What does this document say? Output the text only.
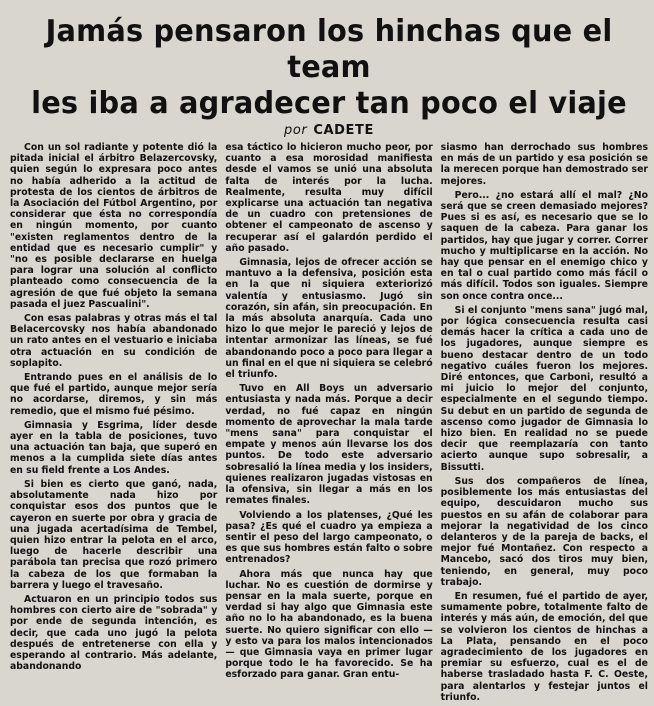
Jamás pensaron los hinchas que el team
les iba a agradecer tan poco el viaje
por CADETE

Con un sol radiante y potente dió la pitada inicial el árbitro Belazercovsky, quien según lo expresara poco antes no había adherido a la actitud de protesta de los cientos de árbitros de la Asociación del Fútbol Argentino, por considerar que ésta no correspondía en ningún momento, por cuanto "existen reglamentos dentro de la entidad que es necesario cumplir" y "no es posible declararse en huelga para lograr una solución al conflicto planteado como consecuencia de la agresión de que fué objeto la semana pasada el juez Pascualini".

Con esas palabras y otras más el tal Belacercovsky nos había abandonado un rato antes en el vestuario e iniciaba otra actuación en su condición de soplapito.

Entrando pues en el análisis de lo que fué el partido, aunque mejor sería no acordarse, diremos, y sin más remedio, que el mismo fué pésimo.

Gimnasia y Esgrima, líder desde ayer en la tabla de posiciones, tuvo una actuación tan baja, que superó en menos a la cumplida siete días antes en su field frente a Los Andes.

Si bien es cierto que ganó, nada, absolutamente nada hizo por conquistar esos dos puntos que le cayeron en suerte por obra y gracia de una jugada acertadísima de Tembel, quien hizo entrar la pelota en el arco, luego de hacerle describir una parábola tan precisa que rozó primero la cabeza de los que formaban la barrera y luego el travesaño.

Actuaron en un principio todos sus hombres con cierto aire de "sobrada" y por ende de segunda intención, es decir, que cada uno jugó la pelota después de entretenerse con ella y esperando al contrario. Más adelante, abandonando

esa táctico lo hicieron mucho peor, por cuanto a esa morosidad manifiesta desde el vamos se unió una absoluta falta de interés por la lucha. Realmente, resulta muy difícil explicarse una actuación tan negativa de un cuadro con pretensiones de obtener el campeonato de ascenso y recuperar así el galardón perdido el año pasado.

Gimnasia, lejos de ofrecer acción se mantuvo a la defensiva, posición esta en la que ni siquiera exteriorizó valentía y entusiasmo. Jugó sin corazón, sin afán, sin preocupación. En la más absoluta anarquía. Cada uno hizo lo que mejor le pareció y lejos de intentar armonizar las líneas, se fué abandonando poco a poco para llegar a un final en el que ni siquiera se celebró el triunfo.

Tuvo en All Boys un adversario entusiasta y nada más. Porque a decir verdad, no fué capaz en ningún momento de aprovechar la mala tarde "mens sana" para conquistar el empate y menos aún llevarse los dos puntos. De todo este adversario sobresalió la línea media y los insiders, quienes realizaron jugadas vistosas en la ofensiva, sin llegar a más en los remates finales.

Volviendo a los platenses, ¿Qué les pasa? ¿Es qué el cuadro ya empieza a sentir el peso del largo campeonato, o es que sus hombres están falto o sobre entrenados?

Ahora más que nunca hay que luchar. No es cuestión de dormirse y pensar en la mala suerte, porque en verdad si hay algo que Gimnasia este año no lo ha abandonado, es la buena suerte. No quiero significar con ello — y esto va para los malos intencionados — que Gimnasia vaya en primer lugar porque todo le ha favorecido. Se ha esforzado para ganar. Gran entu-

siasmo han derrochado sus hombres en más de un partido y esa posición se la merecen porque han demostrado ser mejores.

Pero... ¿no estará allí el mal? ¿No será que se creen demasiado mejores? Pues si es así, es necesario que se lo saquen de la cabeza. Para ganar los partidos, hay que jugar y correr. Correr mucho y multiplicarse en la acción. No hay que pensar en el enemigo chico y en tal o cual partido como más fácil o más difícil. Todos son iguales. Siempre son once contra once...

Si el conjunto "mens sana" jugó mal, por lógica consecuencia resulta casi demás hacer la crítica a cada uno de los jugadores, aunque siempre es bueno destacar dentro de un todo negativo cuáles fueron los mejores. Diré entonces, que Carboni, resultó a mi juicio lo mejor del conjunto, especialmente en el segundo tiempo. Su debut en un partido de segunda de ascenso como jugador de Gimnasia lo hizo bien. En realidad no se puede decir que reemplazaría con tanto acierto aunque supo sobresalir, a Bissutti.

Sus dos compañeros de línea, posiblemente los más entusiastas del equipo, descuidaron mucho sus puestos en su afán de colaborar para mejorar la negatividad de los cinco delanteros y de la pareja de backs, el mejor fué Montañez. Con respecto a Mancebo, sacó dos tiros muy bien, teniendo, en general, muy poco trabajo.

En resumen, fué el partido de ayer, sumamente pobre, totalmente falto de interés y más aún, de emoción, del que se volvieron los cientos de hinchas a La Plata, pensando en el poco agradecimiento de los jugadores en premiar su esfuerzo, cual es el de haberse trasladado hasta F. C. Oeste, para alentarlos y festejar juntos el triunfo.
